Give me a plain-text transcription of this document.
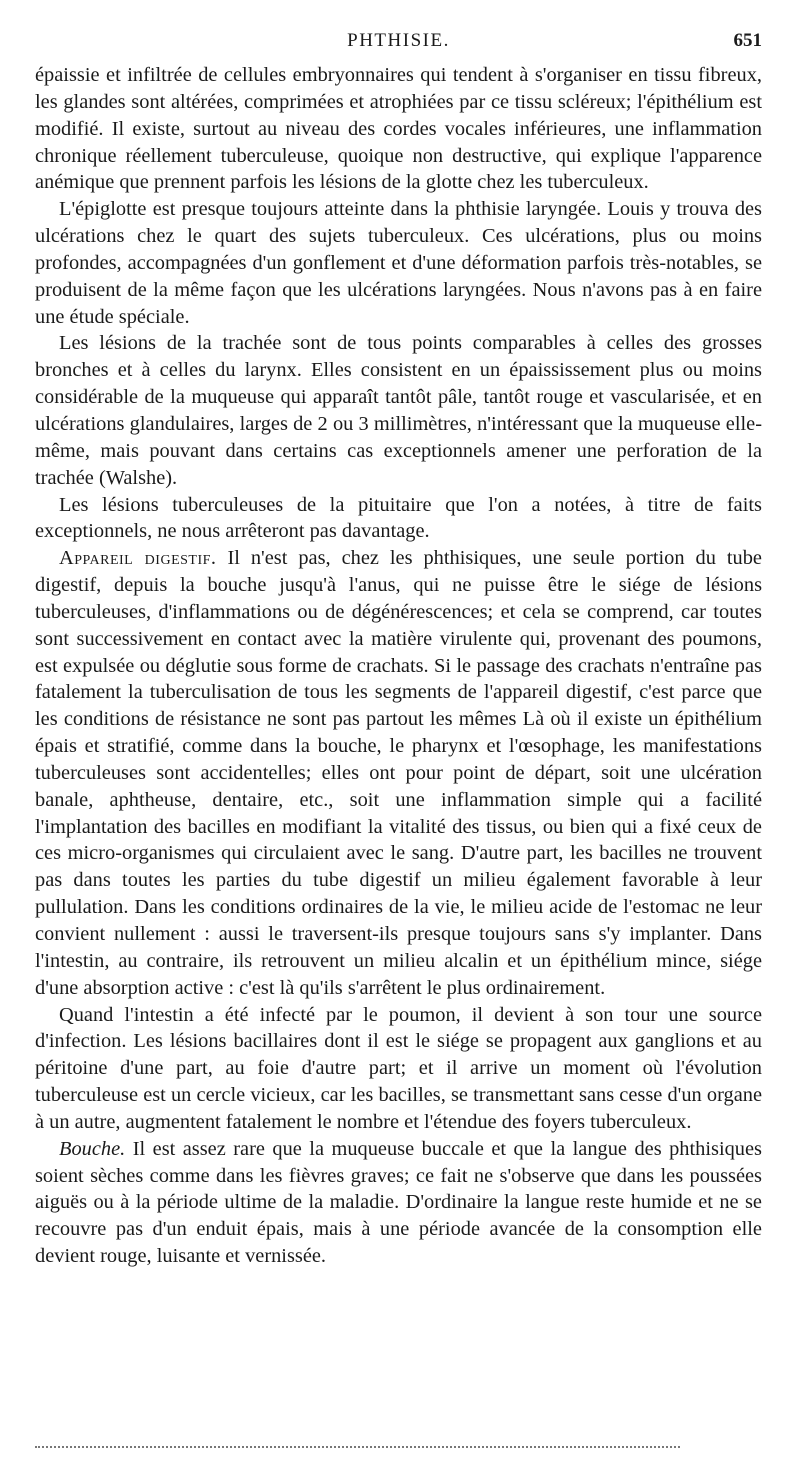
PHTHISIE.	651

épaissie et infiltrée de cellules embryonnaires qui tendent à s'organiser en tissu fibreux, les glandes sont altérées, comprimées et atrophiées par ce tissu scléreux; l'épithélium est modifié. Il existe, surtout au niveau des cordes vocales inférieures, une inflammation chronique réellement tuberculeuse, quoique non destructive, qui explique l'apparence anémique que prennent parfois les lésions de la glotte chez les tuberculeux.

L'épiglotte est presque toujours atteinte dans la phthisie laryngée. Louis y trouva des ulcérations chez le quart des sujets tuberculeux. Ces ulcérations, plus ou moins profondes, accompagnées d'un gonflement et d'une déformation parfois très-notables, se produisent de la même façon que les ulcérations laryngées. Nous n'avons pas à en faire une étude spéciale.

Les lésions de la trachée sont de tous points comparables à celles des grosses bronches et à celles du larynx. Elles consistent en un épaississement plus ou moins considérable de la muqueuse qui apparaît tantôt pâle, tantôt rouge et vascularisée, et en ulcérations glandulaires, larges de 2 ou 3 millimètres, n'intéressant que la muqueuse elle-même, mais pouvant dans certains cas exceptionnels amener une perforation de la trachée (Walshe).

Les lésions tuberculeuses de la pituitaire que l'on a notées, à titre de faits exceptionnels, ne nous arrêteront pas davantage.

Appareil digestif. Il n'est pas, chez les phthisiques, une seule portion du tube digestif, depuis la bouche jusqu'à l'anus, qui ne puisse être le siége de lésions tuberculeuses, d'inflammations ou de dégénérescences; et cela se comprend, car toutes sont successivement en contact avec la matière virulente qui, provenant des poumons, est expulsée ou déglutie sous forme de crachats. Si le passage des crachats n'entraîne pas fatalement la tuberculisation de tous les segments de l'appareil digestif, c'est parce que les conditions de résistance ne sont pas partout les mêmes Là où il existe un épithélium épais et stratifié, comme dans la bouche, le pharynx et l'œsophage, les manifestations tuberculeuses sont accidentelles; elles ont pour point de départ, soit une ulcération banale, aphtheuse, dentaire, etc., soit une inflammation simple qui a facilité l'implantation des bacilles en modifiant la vitalité des tissus, ou bien qui a fixé ceux de ces micro-organismes qui circulaient avec le sang. D'autre part, les bacilles ne trouvent pas dans toutes les parties du tube digestif un milieu également favorable à leur pullulation. Dans les conditions ordinaires de la vie, le milieu acide de l'estomac ne leur convient nullement : aussi le traversent-ils presque toujours sans s'y implanter. Dans l'intestin, au contraire, ils retrouvent un milieu alcalin et un épithélium mince, siége d'une absorption active : c'est là qu'ils s'arrêtent le plus ordinairement.

Quand l'intestin a été infecté par le poumon, il devient à son tour une source d'infection. Les lésions bacillaires dont il est le siége se propagent aux ganglions et au péritoine d'une part, au foie d'autre part; et il arrive un moment où l'évolution tuberculeuse est un cercle vicieux, car les bacilles, se transmettant sans cesse d'un organe à un autre, augmentent fatalement le nombre et l'étendue des foyers tuberculeux.

Bouche. Il est assez rare que la muqueuse buccale et que la langue des phthisiques soient sèches comme dans les fièvres graves; ce fait ne s'observe que dans les poussées aiguës ou à la période ultime de la maladie. D'ordinaire la langue reste humide et ne se recouvre pas d'un enduit épais, mais à une période avancée de la consomption elle devient rouge, luisante et vernissée.
